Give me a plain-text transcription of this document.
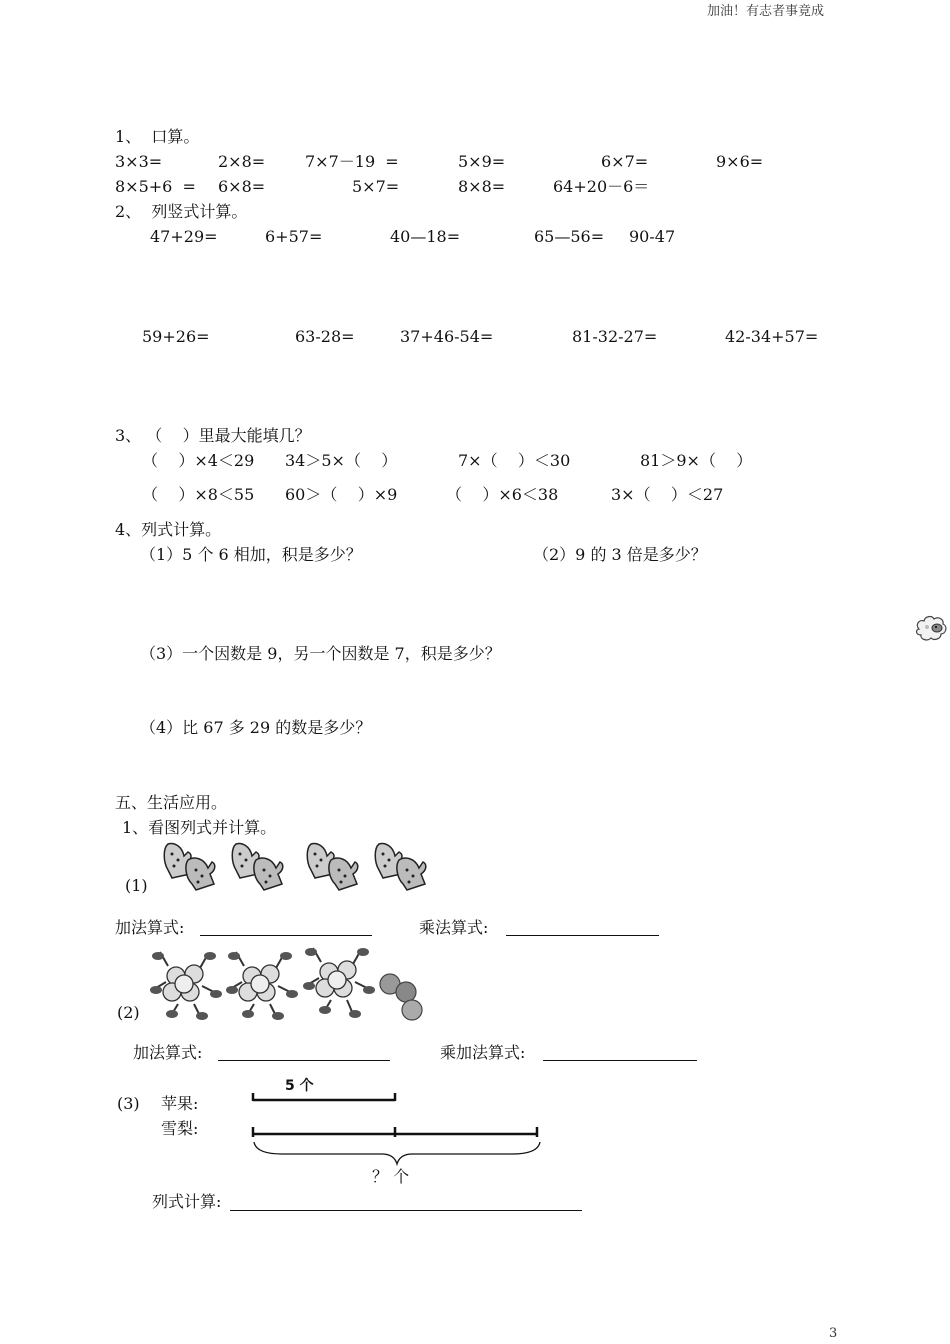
加油！有志者事竟成
1、  口算。
3×3=	2×8= 7×7－19  =	5×9=	6×7=	9×6=
8×5+6  = 6×8=	5×7=	8×8=	64+20－6＝
2、  列竖式计算。
47+29=	6+57=	40—18=	65—56= 90-47
59+26=	63-28=	37+46-54=	81-32-27=	42-34+57=
3、 （    ）里最大能填几？
（    ）×4＜29 34＞5×（    ）	7×（    ）＜30	81＞9×（    ）
（    ）×8＜55 60＞（    ）×9	（    ）×6＜38	3×（    ）＜27
4、列式计算。
（1）5 个 6 相加，积是多少？	（2）9 的 3 倍是多少？
（3）一个因数是 9，另一个因数是 7，积是多少？
（4）比 67 多 29 的数是多少？
五、生活应用。
1、看图列式并计算。
(1)
加法算式:	乘法算式:
(2)
加法算式:	乘加法算式:
(3) 苹果:
雪梨:
5 个
？ 个
列式计算:
3
